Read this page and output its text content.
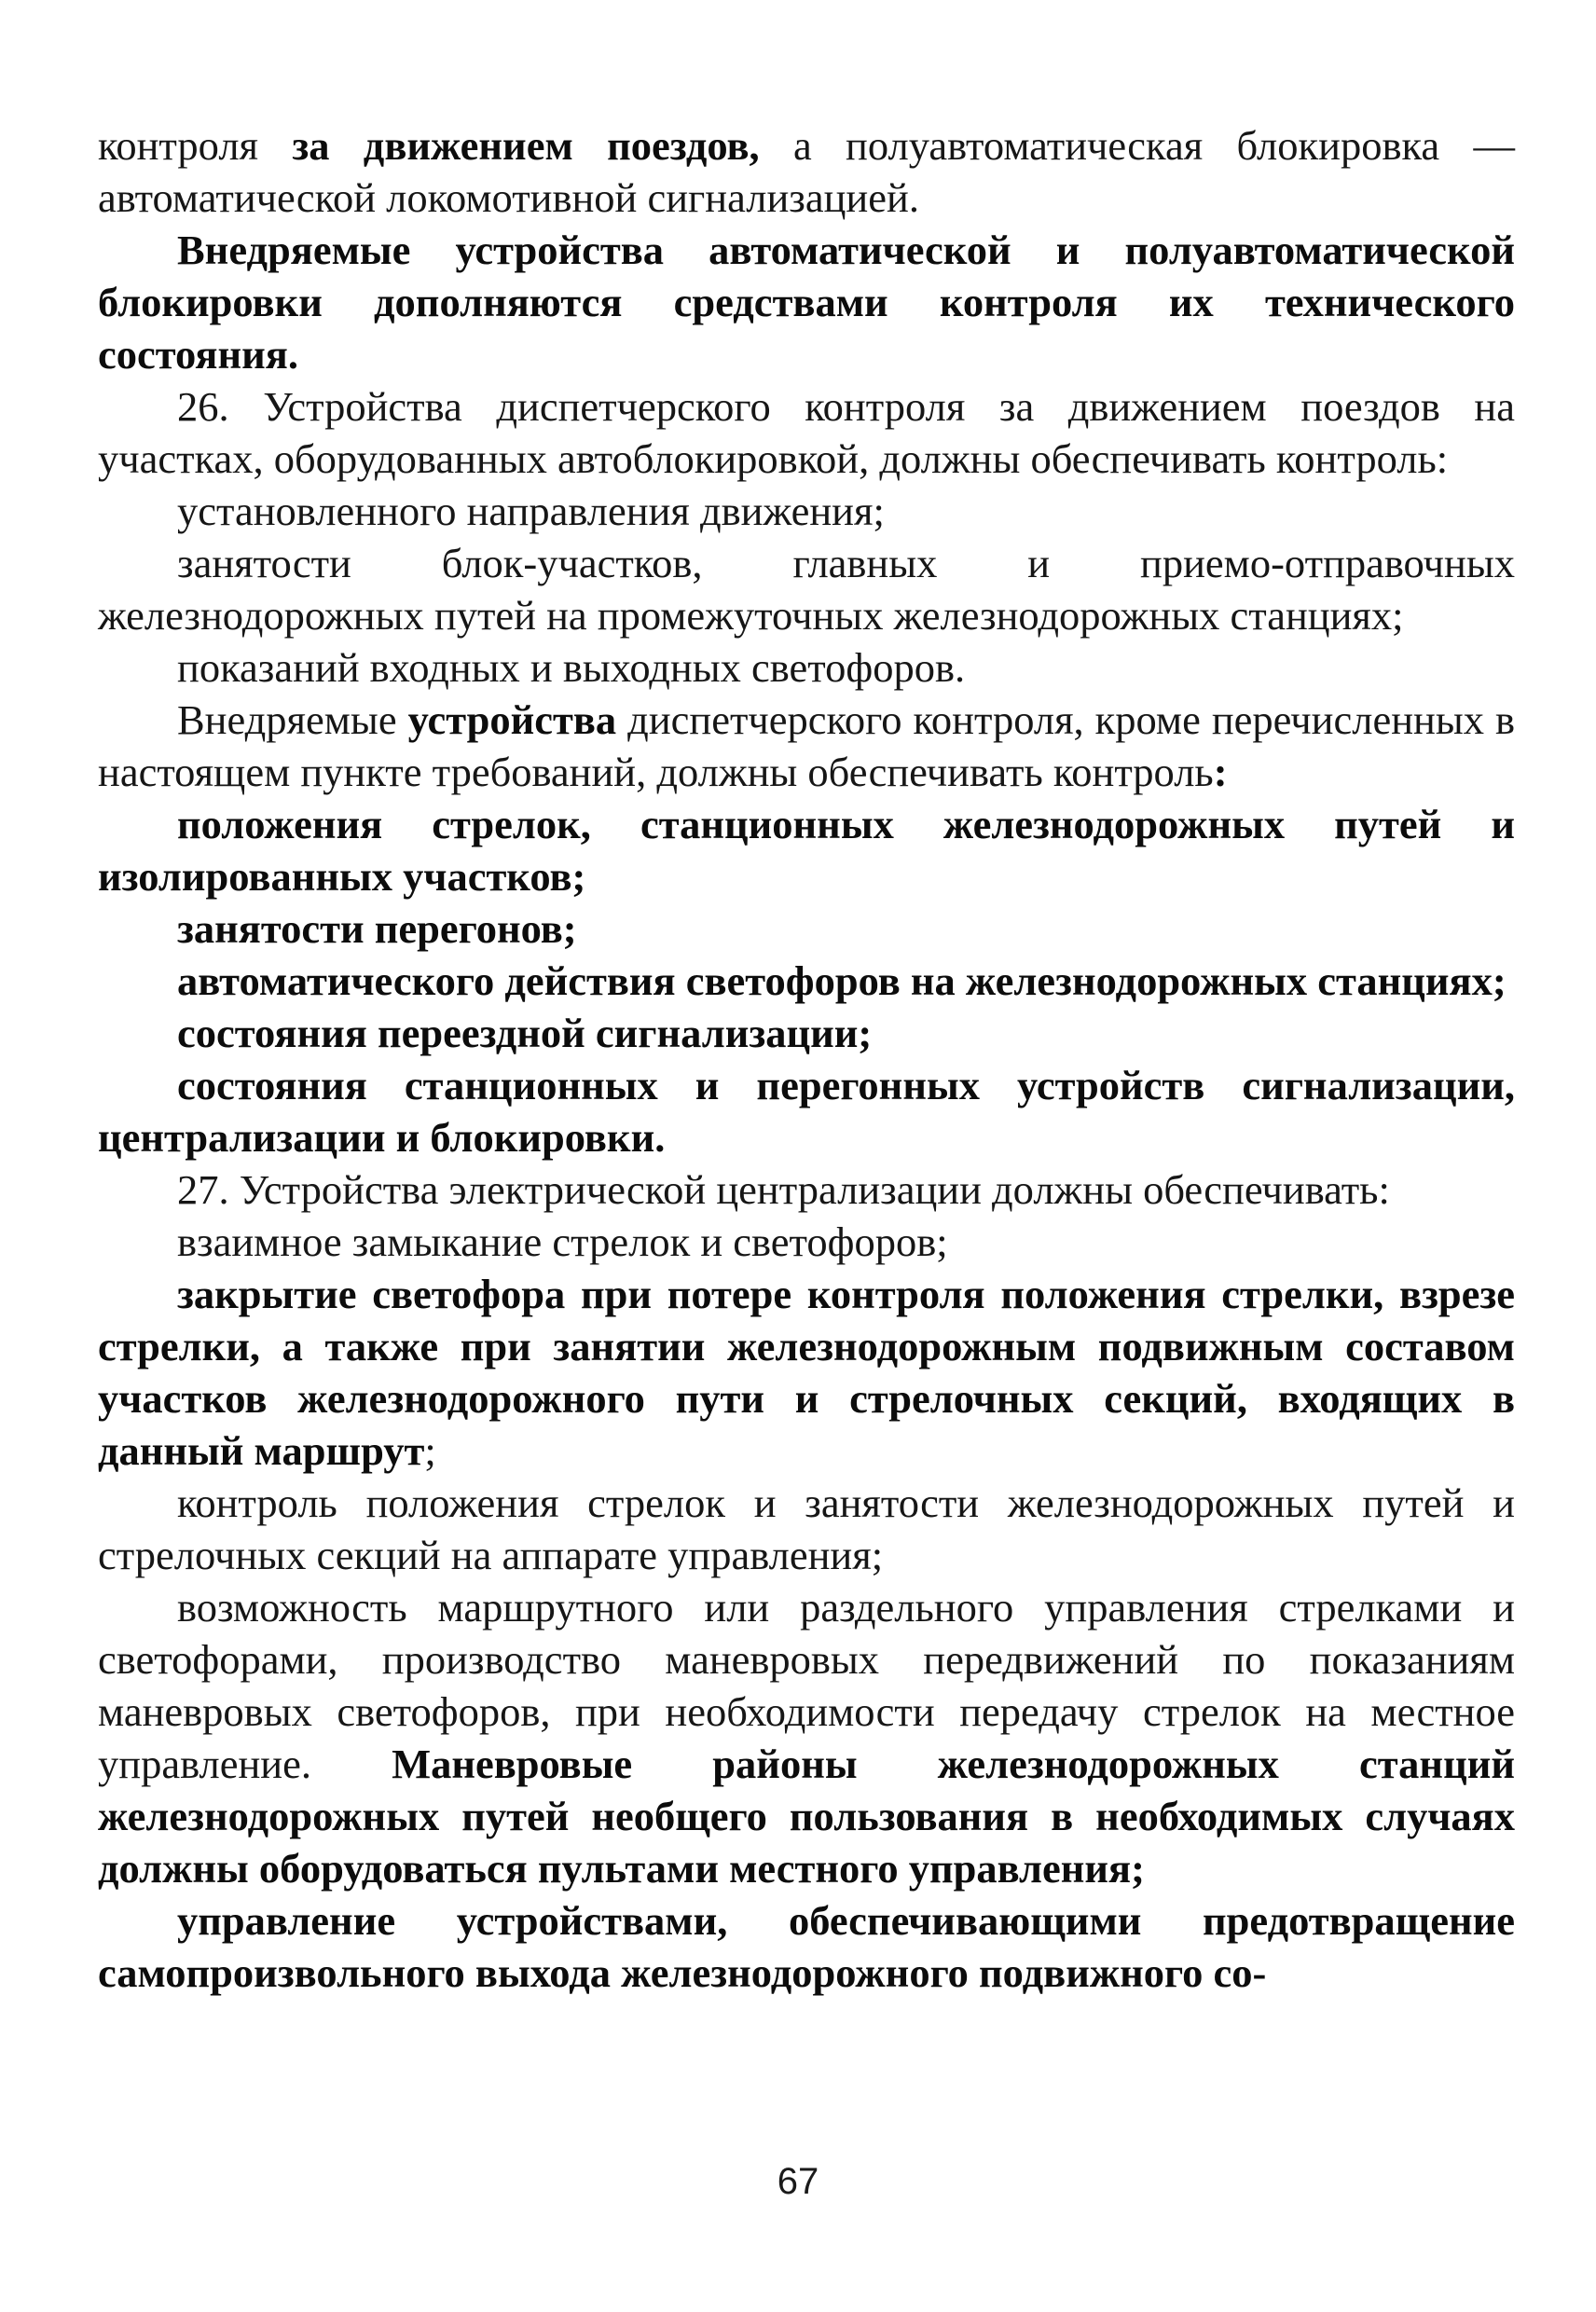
контроля за движением поездов, а полуавтоматическая блокировка — автоматической локомотивной сигнализацией.

Внедряемые устройства автоматической и полуавтоматической блокировки дополняются средствами контроля их технического состояния.

26. Устройства диспетчерского контроля за движением поездов на участках, оборудованных автоблокировкой, должны обеспечивать контроль:

установленного направления движения;

занятости блок-участков, главных и приемо-отправочных железнодорожных путей на промежуточных железнодорожных станциях;

показаний входных и выходных светофоров.

Внедряемые устройства диспетчерского контроля, кроме перечисленных в настоящем пункте требований, должны обеспечивать контроль:

положения стрелок, станционных железнодорожных путей и изолированных участков;

занятости перегонов;

автоматического действия светофоров на железнодорожных станциях;

состояния переездной сигнализации;

состояния станционных и перегонных устройств сигнализации, централизации и блокировки.

27. Устройства электрической централизации должны обеспечивать:

взаимное замыкание стрелок и светофоров;

закрытие светофора при потере контроля положения стрелки, взрезе стрелки, а также при занятии железнодорожным подвижным составом участков железнодорожного пути и стрелочных секций, входящих в данный маршрут;

контроль положения стрелок и занятости железнодорожных путей и стрелочных секций на аппарате управления;

возможность маршрутного или раздельного управления стрелками и светофорами, производство маневровых передвижений по показаниям маневровых светофоров, при необходимости передачу стрелок на местное управление. Маневровые районы железнодорожных станций железнодорожных путей необщего пользования в необходимых случаях должны оборудоваться пультами местного управления;

управление устройствами, обеспечивающими предотвращение самопроизвольного выхода железнодорожного подвижного со-

67
